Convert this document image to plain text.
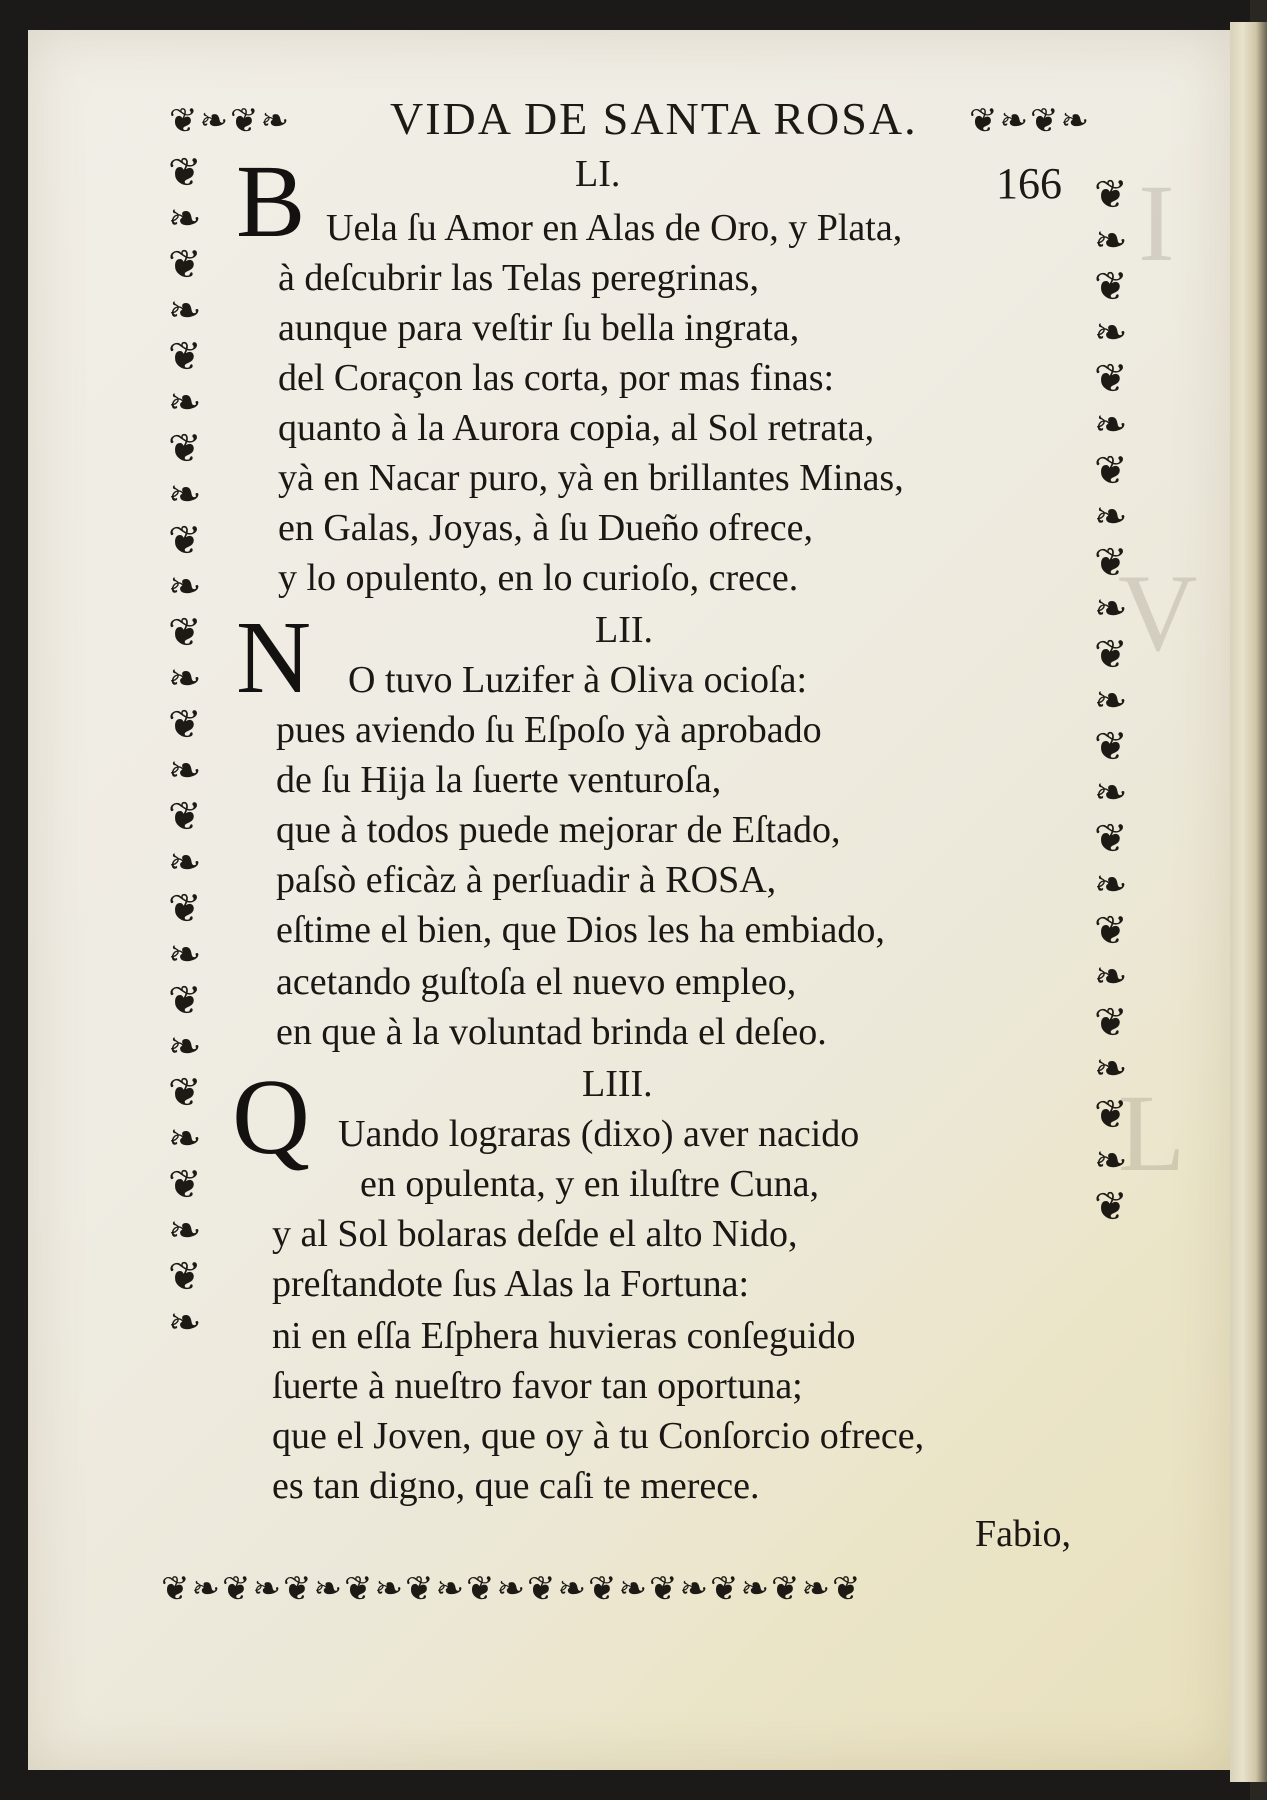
I
V
L
❦ ❧ ❦ ❧	❦ ❧ ❦ ❧
❦
❧
❦
❧
❦
❧
❦
❧
❦
❧
❦
❧
❦
❧
❦
❧
❦
❧
❦
❧
❦
❧
❦
❧
❦
❧
❦
❧
❦
❧
❦
❧
❦
❧
❦
❧
❦
❧
❦
❧
❦
❧
❦
❧
❦
❧
❦
❧
❦
❦ ❧ ❦ ❧ ❦ ❧ ❦ ❧ ❦ ❧ ❦ ❧ ❦ ❧ ❦ ❧ ❦ ❧ ❦ ❧ ❦ ❧ ❦
VIDA DE SANTA ROSA.
166
LI.
B Uela ſu Amor en Alas de Oro, y Plata,
à deſcubrir las Telas peregrinas,
aunque para veſtir ſu bella ingrata,
del Coraçon las corta, por mas finas:
quanto à la Aurora copia, al Sol retrata,
yà en Nacar puro, yà en brillantes Minas,
en Galas, Joyas, à ſu Dueño ofrece,
y lo opulento, en lo curioſo, crece.
LII.
N O tuvo Luzifer à Oliva ocioſa:
pues aviendo ſu Eſpoſo yà aprobado
de ſu Hija la ſuerte venturoſa,
que à todos puede mejorar de Eſtado,
paſsò eficàz à perſuadir à ROSA,
eſtime el bien, que Dios les ha embiado,
acetando guſtoſa el nuevo empleo,
en que à la voluntad brinda el deſeo.
LIII.
Q Uando lograras (dixo) aver nacido
en opulenta, y en iluſtre Cuna,
y al Sol bolaras deſde el alto Nido,
preſtandote ſus Alas la Fortuna:
ni en eſſa Eſphera huvieras conſeguido
ſuerte à nueſtro favor tan oportuna;
que el Joven, que oy à tu Conſorcio ofrece,
es tan digno, que caſi te merece.
Fabio,
